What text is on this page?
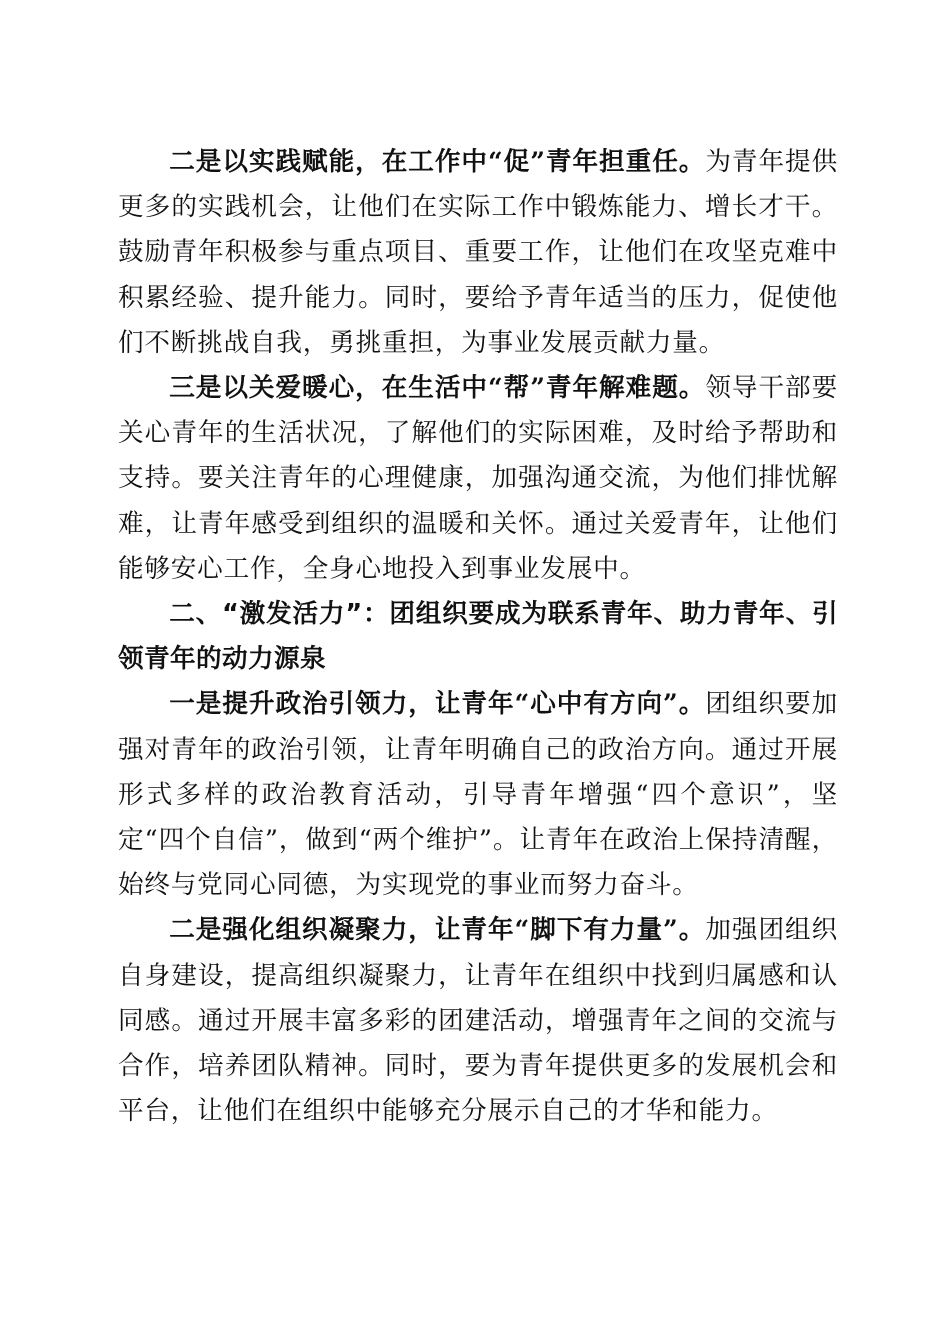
二是以实践赋能，在工作中“促”青年担重任。为青年提供更多的实践机会，让他们在实际工作中锻炼能力、增长才干。鼓励青年积极参与重点项目、重要工作，让他们在攻坚克难中积累经验、提升能力。同时，要给予青年适当的压力，促使他们不断挑战自我，勇挑重担，为事业发展贡献力量。

三是以关爱暖心，在生活中“帮”青年解难题。领导干部要关心青年的生活状况，了解他们的实际困难，及时给予帮助和支持。要关注青年的心理健康，加强沟通交流，为他们排忧解难，让青年感受到组织的温暖和关怀。通过关爱青年，让他们能够安心工作，全身心地投入到事业发展中。

二、“激发活力”：团组织要成为联系青年、助力青年、引领青年的动力源泉

一是提升政治引领力，让青年“心中有方向”。团组织要加强对青年的政治引领，让青年明确自己的政治方向。通过开展形式多样的政治教育活动，引导青年增强“四个意识”，坚定“四个自信”，做到“两个维护”。让青年在政治上保持清醒，始终与党同心同德，为实现党的事业而努力奋斗。

二是强化组织凝聚力，让青年“脚下有力量”。加强团组织自身建设，提高组织凝聚力，让青年在组织中找到归属感和认同感。通过开展丰富多彩的团建活动，增强青年之间的交流与合作，培养团队精神。同时，要为青年提供更多的发展机会和平台，让他们在组织中能够充分展示自己的才华和能力。
